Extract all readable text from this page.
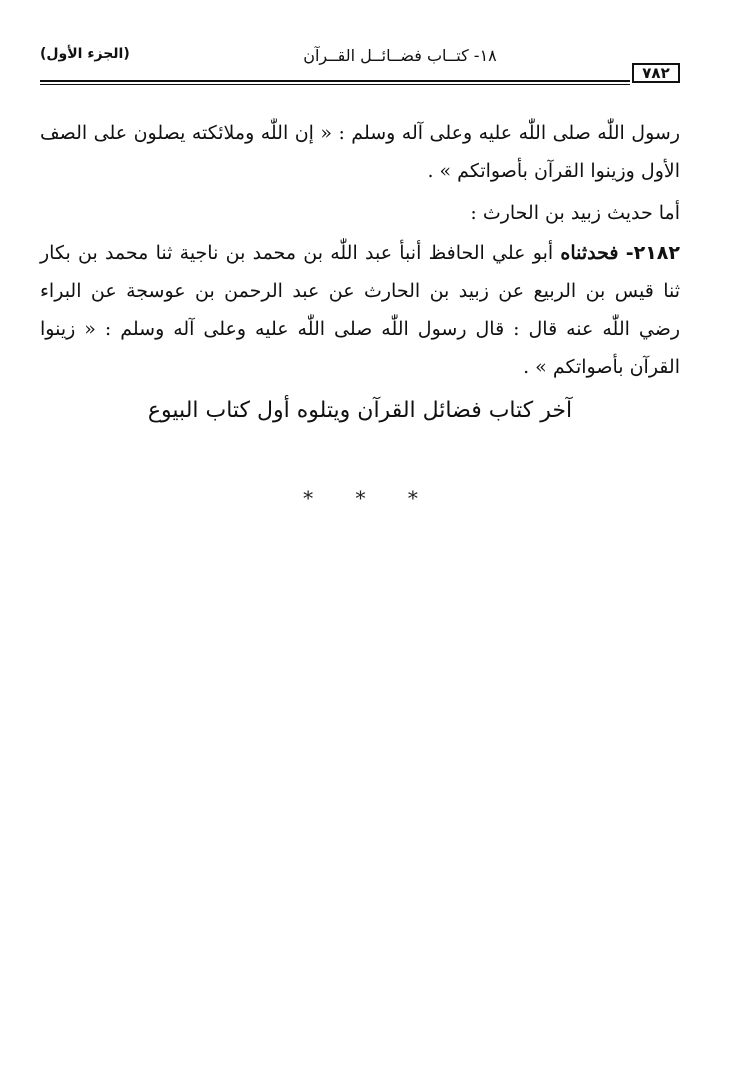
٧٨٢
١٨- كتــاب فضــائــل القــرآن
(الجزء الأول)
رسول اللّٰه صلى اللّٰه عليه وعلى آله وسلم : « إن اللّٰه وملائكته يصلون على الصف الأول وزينوا القرآن بأصواتكم » .
أما حديث زبيد بن الحارث :
٢١٨٢- فحدثناه أبو علي الحافظ أنبأ عبد اللّٰه بن محمد بن ناجية ثنا محمد بن بكار ثنا قيس بن الربيع عن زبيد بن الحارث عن عبد الرحمن بن عوسجة عن البراء رضي اللّٰه عنه قال : قال رسول اللّٰه صلى اللّٰه عليه وعلى آله وسلم : « زينوا القرآن بأصواتكم » .
آخر كتاب فضائل القرآن ويتلوه أول كتاب البيوع
* * *
